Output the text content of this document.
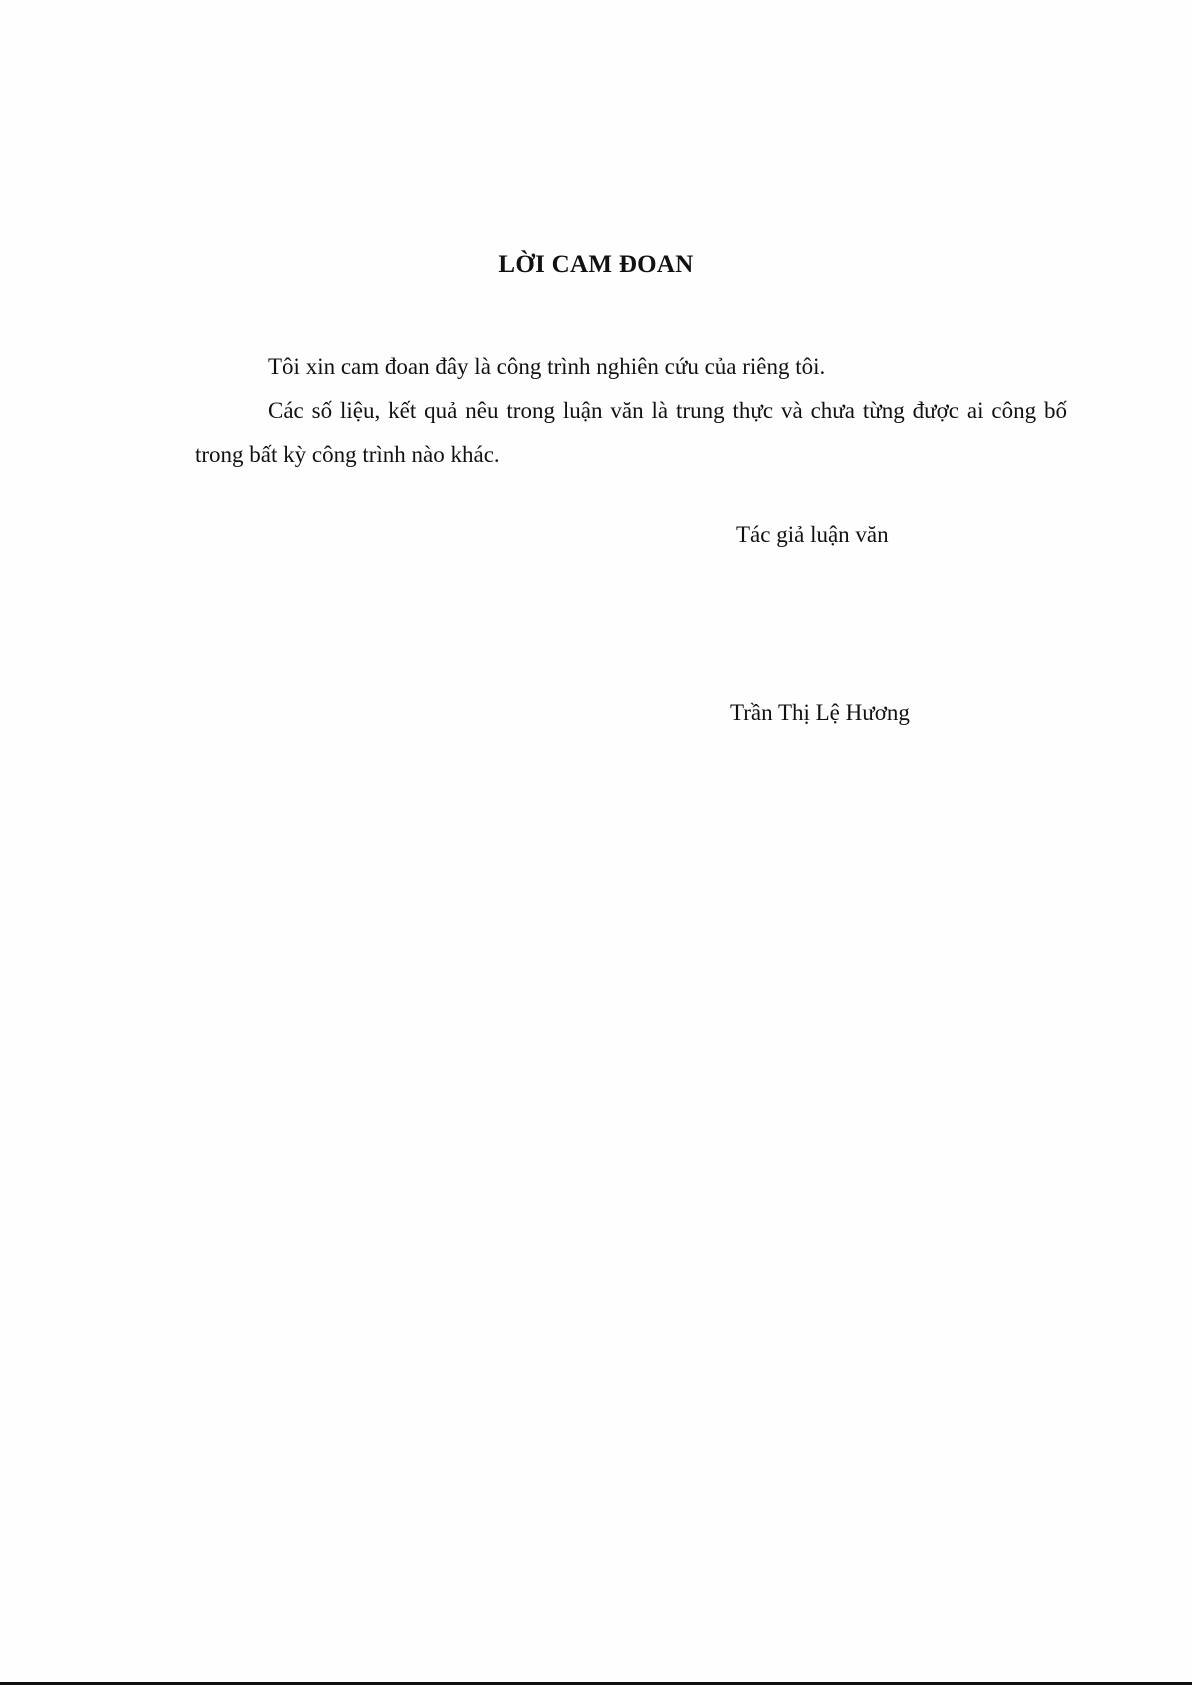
LỜI CAM ĐOAN

Tôi xin cam đoan đây là công trình nghiên cứu của riêng tôi.

Các số liệu, kết quả nêu trong luận văn là trung thực và chưa từng được ai công bố trong bất kỳ công trình nào khác.

Tác giả luận văn
Trần Thị Lệ Hương
